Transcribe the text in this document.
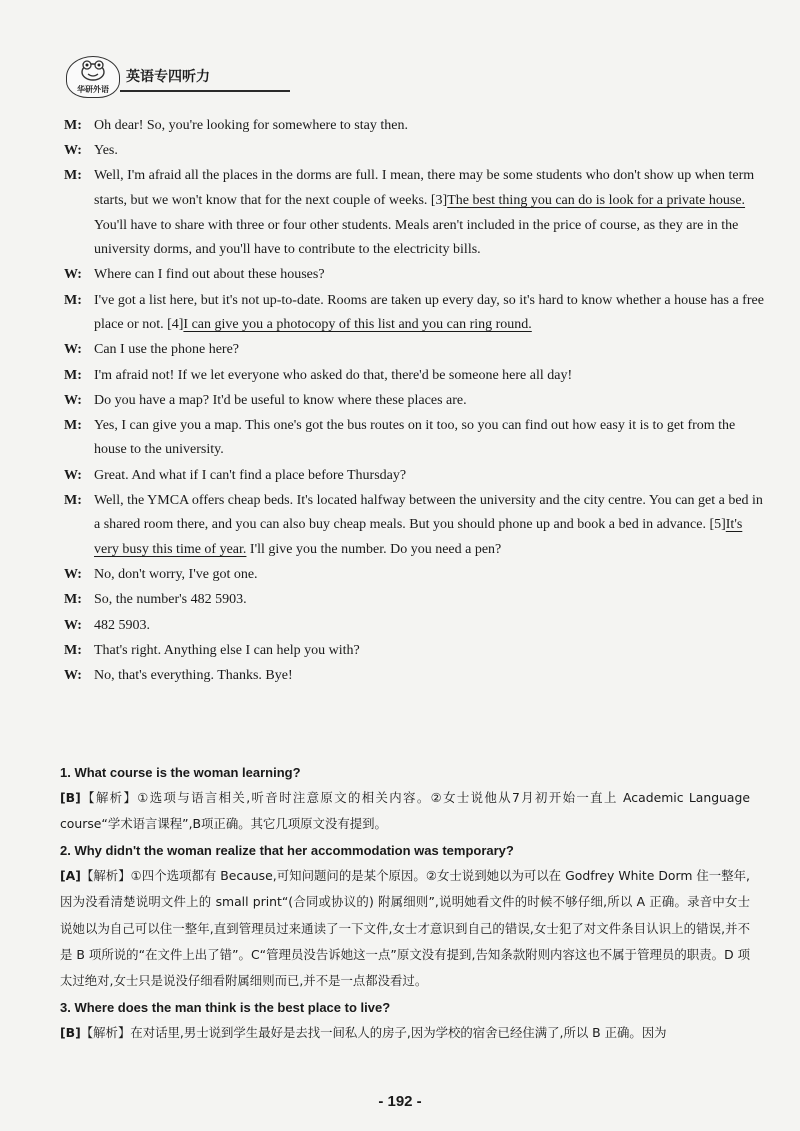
华研外语
英语专四听力
M: Oh dear! So, you're looking for somewhere to stay then.
W: Yes.
M: Well, I'm afraid all the places in the dorms are full. I mean, there may be some students who don't show up when term starts, but we won't know that for the next couple of weeks. [3]The best thing you can do is look for a private house. You'll have to share with three or four other students. Meals aren't included in the price of course, as they are in the university dorms, and you'll have to contribute to the electricity bills.
W: Where can I find out about these houses?
M: I've got a list here, but it's not up-to-date. Rooms are taken up every day, so it's hard to know whether a house has a free place or not. [4]I can give you a photocopy of this list and you can ring round.
W: Can I use the phone here?
M: I'm afraid not! If we let everyone who asked do that, there'd be someone here all day!
W: Do you have a map? It'd be useful to know where these places are.
M: Yes, I can give you a map. This one's got the bus routes on it too, so you can find out how easy it is to get from the house to the university.
W: Great. And what if I can't find a place before Thursday?
M: Well, the YMCA offers cheap beds. It's located halfway between the university and the city centre. You can get a bed in a shared room there, and you can also buy cheap meals. But you should phone up and book a bed in advance. [5]It's very busy this time of year. I'll give you the number. Do you need a pen?
W: No, don't worry, I've got one.
M: So, the number's 482 5903.
W: 482 5903.
M: That's right. Anything else I can help you with?
W: No, that's everything. Thanks. Bye!
1. What course is the woman learning?
[B]【解析】①选项与语言相关,听音时注意原文的相关内容。②女士说他从7月初开始一直上 Academic Language course“学术语言课程”,B项正确。其它几项原文没有提到。
2. Why didn't the woman realize that her accommodation was temporary?
[A]【解析】①四个选项都有 Because,可知问题问的是某个原因。②女士说到她以为可以在 Godfrey White Dorm 住一整年,因为没看清楚说明文件上的 small print“(合同或协议的) 附属细则”,说明她看文件的时候不够仔细,所以 A 正确。录音中女士说她以为自己可以住一整年,直到管理员过来通读了一下文件,女士才意识到自己的错误,女士犯了对文件条目认识上的错误,并不是 B 项所说的“在文件上出了错”。C“管理员没告诉她这一点”原文没有提到,告知条款附则内容这也不属于管理员的职责。D 项太过绝对,女士只是说没仔细看附属细则而已,并不是一点都没看过。
3. Where does the man think is the best place to live?
[B]【解析】在对话里,男士说到学生最好是去找一间私人的房子,因为学校的宿舍已经住满了,所以 B 正确。因为
- 192 -
